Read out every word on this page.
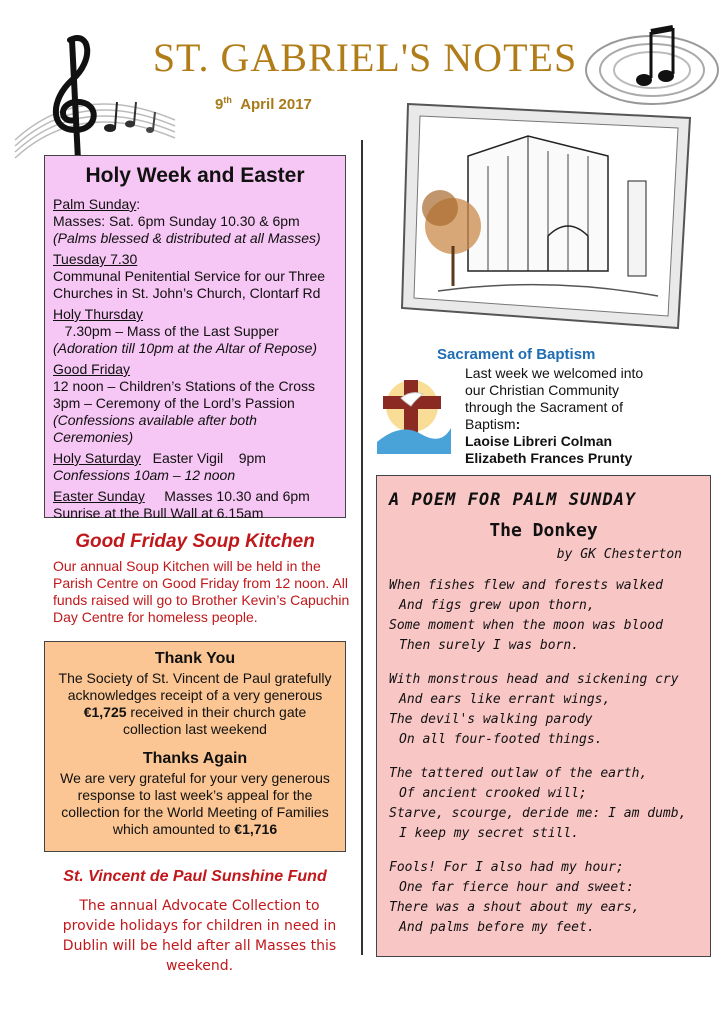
ST. GABRIEL'S NOTES
9th April 2017
Holy Week and Easter

Palm Sunday:
Masses: Sat. 6pm Sunday 10.30 & 6pm
(Palms blessed & distributed at all Masses)

Tuesday 7.30
Communal Penitential Service for our Three Churches in St. John’s Church, Clontarf Rd

Holy Thursday   7.30pm – Mass of the Last Supper
(Adoration till 10pm at the Altar of Repose)

Good Friday
12 noon – Children’s Stations of the Cross
3pm – Ceremony of the Lord’s Passion
(Confessions available after both Ceremonies)

Holy Saturday   Easter Vigil    9pm
Confessions 10am – 12 noon

Easter Sunday     Masses 10.30 and 6pm
Sunrise at the Bull Wall at 6.15am

Good Friday Soup Kitchen
Our annual Soup Kitchen will be held in the Parish Centre on Good Friday from 12 noon. All funds raised will go to Brother Kevin’s Capuchin Day Centre for homeless people.
Thank You

The Society of St. Vincent de Paul gratefully acknowledges receipt of a very generous €1,725 received in their church gate collection last weekend

Thanks Again

We are very grateful for your very generous response to last week’s appeal for the collection for the World Meeting of Families which amounted to €1,716

St. Vincent de Paul Sunshine Fund
The annual Advocate Collection to provide holidays for children in need in Dublin will be held after all Masses this weekend.
Sacrament of Baptism
Last week we welcomed into our Christian Community through the Sacrament of Baptism:
Laoise Libreri Colman
Elizabeth Frances Prunty
A POEM FOR PALM SUNDAY
The Donkey
by GK Chesterton
When fishes flew and forests walked
And figs grew upon thorn,
Some moment when the moon was blood
Then surely I was born.
With monstrous head and sickening cry
And ears like errant wings,
The devil's walking parody
On all four-footed things.
The tattered outlaw of the earth,
Of ancient crooked will;
Starve, scourge, deride me: I am dumb,
I keep my secret still.
Fools! For I also had my hour;
One far fierce hour and sweet:
There was a shout about my ears,
And palms before my feet.
